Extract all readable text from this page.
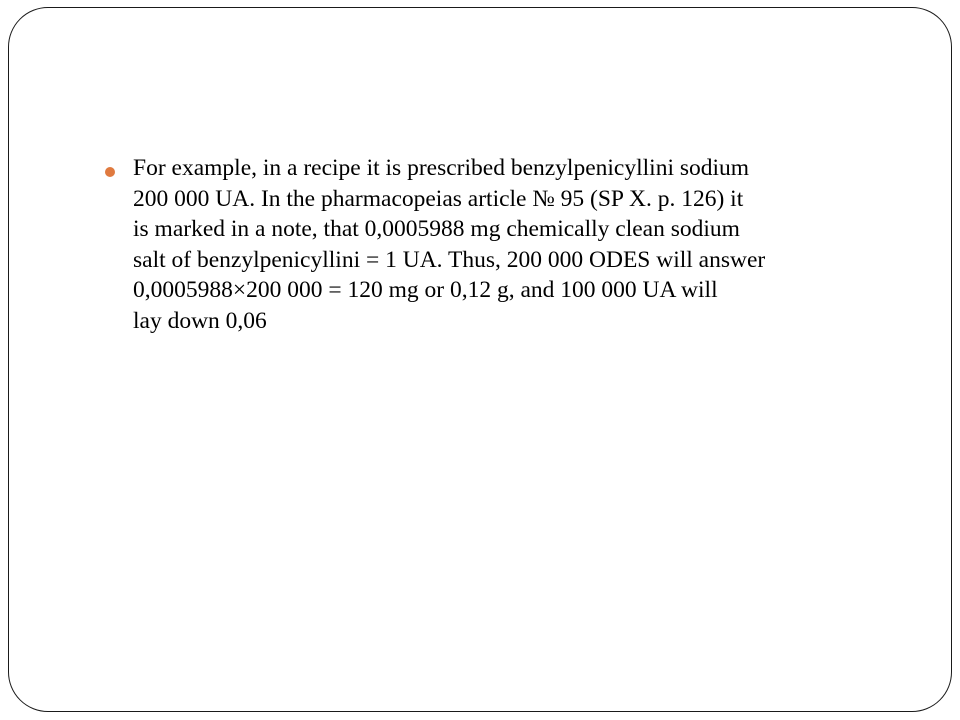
For example, in a recipe it is prescribed benzylpenicyllini sodium
200 000 UA. In the pharmacopeias article № 95 (SP X. p. 126) it
is marked in a note, that 0,0005988 mg chemically clean sodium
salt of benzylpenicyllini = 1 UA. Thus, 200 000 ODES will answer
0,0005988×200 000 = 120 mg or 0,12 g, and 100 000 UA will
lay down 0,06
